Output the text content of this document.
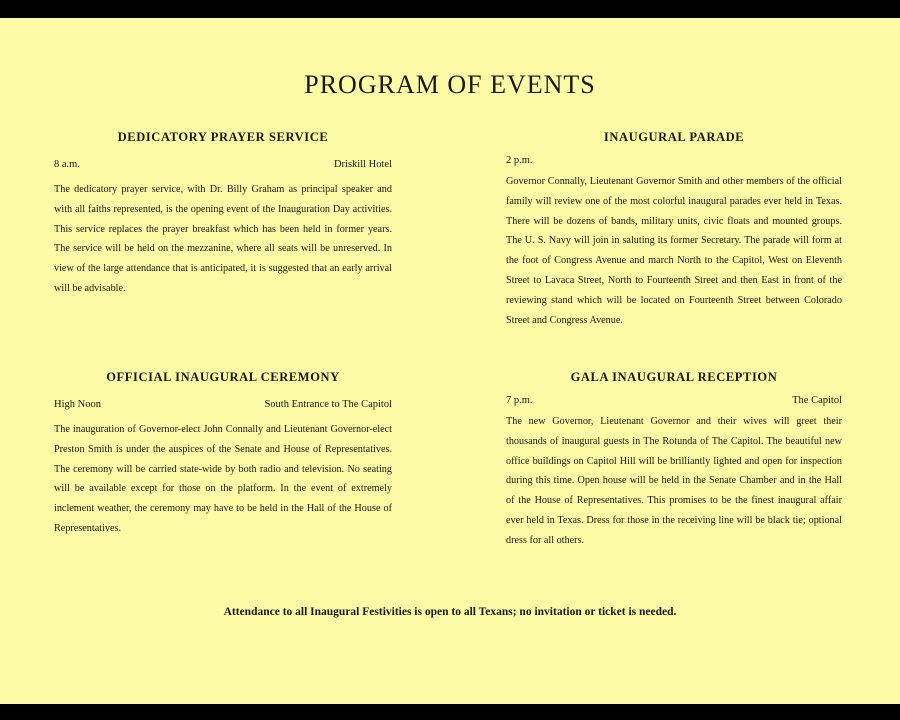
PROGRAM OF EVENTS
DEDICATORY PRAYER SERVICE
8 a.m.	Driskill Hotel

The dedicatory prayer service, with Dr. Billy Graham as principal speaker and with all faiths represented, is the opening event of the Inauguration Day activities. This service replaces the prayer breakfast which has been held in former years. The service will be held on the mezzanine, where all seats will be unreserved. In view of the large attendance that is anticipated, it is suggested that an early arrival will be advisable.

INAUGURAL PARADE
2 p.m.

Governor Connally, Lieutenant Governor Smith and other members of the official family will review one of the most colorful inaugural parades ever held in Texas. There will be dozens of bands, military units, civic floats and mounted groups. The U. S. Navy will join in saluting its former Secretary. The parade will form at the foot of Congress Avenue and march North to the Capitol, West on Eleventh Street to Lavaca Street, North to Fourteenth Street and then East in front of the reviewing stand which will be located on Fourteenth Street between Colorado Street and Congress Avenue.

OFFICIAL INAUGURAL CEREMONY
High Noon	South Entrance to The Capitol

The inauguration of Governor-elect John Connally and Lieutenant Governor-elect Preston Smith is under the auspices of the Senate and House of Representatives. The ceremony will be carried state-wide by both radio and television. No seating will be available except for those on the platform. In the event of extremely inclement weather, the ceremony may have to be held in the Hall of the House of Representatives.

GALA INAUGURAL RECEPTION
7 p.m.	The Capitol

The new Governor, Lieutenant Governor and their wives will greet their thousands of inaugural guests in The Rotunda of The Capitol. The beautiful new office buildings on Capitol Hill will be brilliantly lighted and open for inspection during this time. Open house will be held in the Senate Chamber and in the Hall of the House of Representatives. This promises to be the finest inaugural affair ever held in Texas. Dress for those in the receiving line will be black tie; optional dress for all others.

Attendance to all Inaugural Festivities is open to all Texans; no invitation or ticket is needed.
